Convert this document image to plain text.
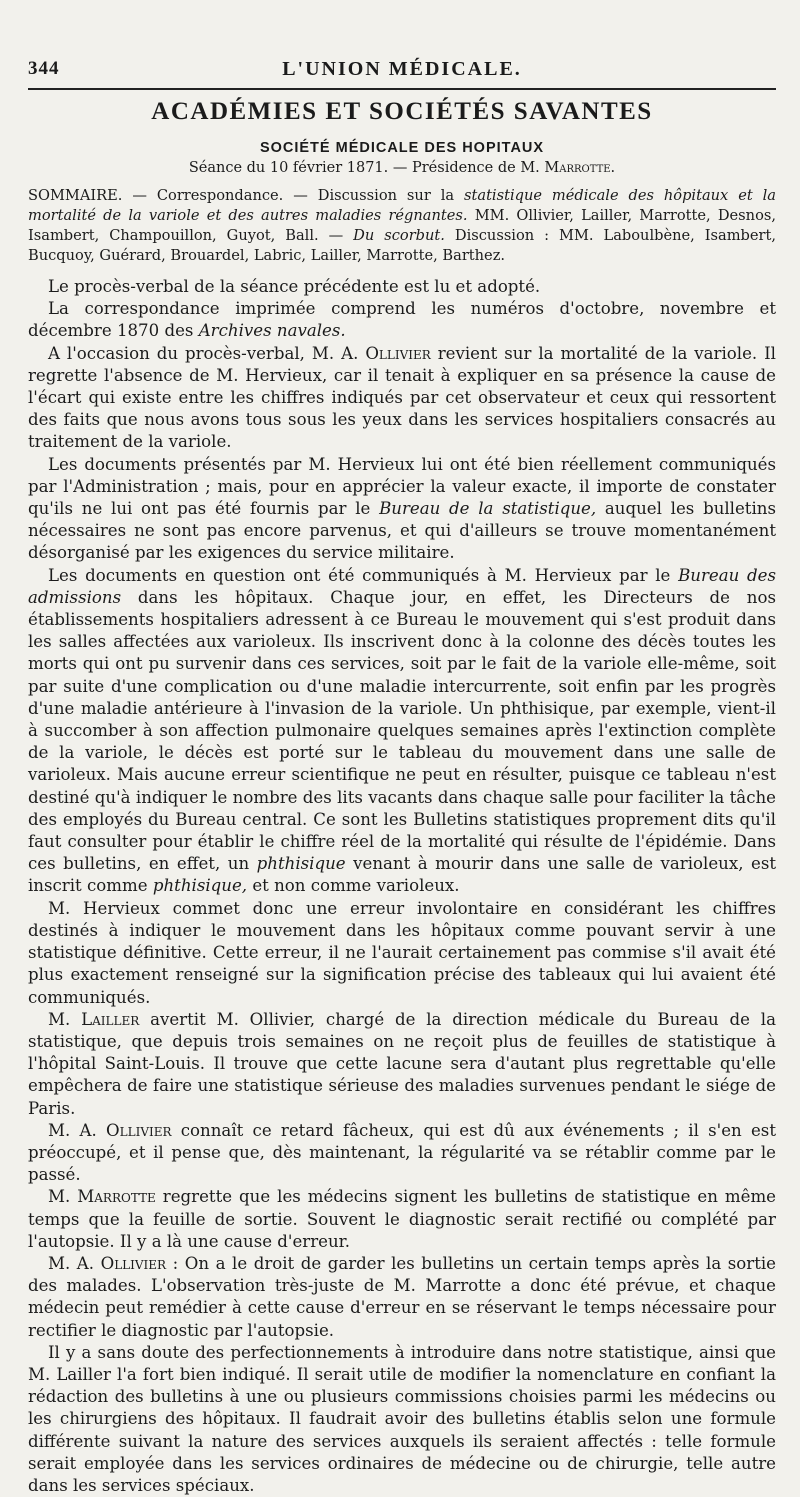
344	L'UNION MÉDICALE.
ACADÉMIES ET SOCIÉTÉS SAVANTES
SOCIÉTÉ MÉDICALE DES HOPITAUX
Séance du 10 février 1871. — Présidence de M. Marrotte.
SOMMAIRE. — Correspondance. — Discussion sur la statistique médicale des hôpitaux et la mortalité de la variole et des autres maladies régnantes. MM. Ollivier, Lailler, Marrotte, Desnos, Isambert, Champouillon, Guyot, Ball. — Du scorbut. Discussion : MM. Laboulbène, Isambert, Bucquoy, Guérard, Brouardel, Labric, Lailler, Marrotte, Barthez.

Le procès-verbal de la séance précédente est lu et adopté.

La correspondance imprimée comprend les numéros d'octobre, novembre et décembre 1870 des Archives navales.

A l'occasion du procès-verbal, M. A. Ollivier revient sur la mortalité de la variole. Il regrette l'absence de M. Hervieux, car il tenait à expliquer en sa présence la cause de l'écart qui existe entre les chiffres indiqués par cet observateur et ceux qui ressortent des faits que nous avons tous sous les yeux dans les services hospitaliers consacrés au traitement de la variole.

Les documents présentés par M. Hervieux lui ont été bien réellement communiqués par l'Administration ; mais, pour en apprécier la valeur exacte, il importe de constater qu'ils ne lui ont pas été fournis par le Bureau de la statistique, auquel les bulletins nécessaires ne sont pas encore parvenus, et qui d'ailleurs se trouve momentanément désorganisé par les exigences du service militaire.

Les documents en question ont été communiqués à M. Hervieux par le Bureau des admissions dans les hôpitaux. Chaque jour, en effet, les Directeurs de nos établissements hospitaliers adressent à ce Bureau le mouvement qui s'est produit dans les salles affectées aux varioleux. Ils inscrivent donc à la colonne des décès toutes les morts qui ont pu survenir dans ces services, soit par le fait de la variole elle-même, soit par suite d'une complication ou d'une maladie intercurrente, soit enfin par les progrès d'une maladie antérieure à l'invasion de la variole. Un phthisique, par exemple, vient-il à succomber à son affection pulmonaire quelques semaines après l'extinction complète de la variole, le décès est porté sur le tableau du mouvement dans une salle de varioleux. Mais aucune erreur scientifique ne peut en résulter, puisque ce tableau n'est destiné qu'à indiquer le nombre des lits vacants dans chaque salle pour faciliter la tâche des employés du Bureau central. Ce sont les Bulletins statistiques proprement dits qu'il faut consulter pour établir le chiffre réel de la mortalité qui résulte de l'épidémie. Dans ces bulletins, en effet, un phthisique venant à mourir dans une salle de varioleux, est inscrit comme phthisique, et non comme varioleux.

M. Hervieux commet donc une erreur involontaire en considérant les chiffres destinés à indiquer le mouvement dans les hôpitaux comme pouvant servir à une statistique définitive. Cette erreur, il ne l'aurait certainement pas commise s'il avait été plus exactement renseigné sur la signification précise des tableaux qui lui avaient été communiqués.

M. Lailler avertit M. Ollivier, chargé de la direction médicale du Bureau de la statistique, que depuis trois semaines on ne reçoit plus de feuilles de statistique à l'hôpital Saint-Louis. Il trouve que cette lacune sera d'autant plus regrettable qu'elle empêchera de faire une statistique sérieuse des maladies survenues pendant le siége de Paris.

M. A. Ollivier connaît ce retard fâcheux, qui est dû aux événements ; il s'en est préoccupé, et il pense que, dès maintenant, la régularité va se rétablir comme par le passé.

M. Marrotte regrette que les médecins signent les bulletins de statistique en même temps que la feuille de sortie. Souvent le diagnostic serait rectifié ou complété par l'autopsie. Il y a là une cause d'erreur.

M. A. Ollivier : On a le droit de garder les bulletins un certain temps après la sortie des malades. L'observation très-juste de M. Marrotte a donc été prévue, et chaque médecin peut remédier à cette cause d'erreur en se réservant le temps nécessaire pour rectifier le diagnostic par l'autopsie.

Il y a sans doute des perfectionnements à introduire dans notre statistique, ainsi que M. Lailler l'a fort bien indiqué. Il serait utile de modifier la nomenclature en confiant la rédaction des bulletins à une ou plusieurs commissions choisies parmi les médecins ou les chirurgiens des hôpitaux. Il faudrait avoir des bulletins établis selon une formule différente suivant la nature des services auxquels ils seraient affectés : telle formule serait employée dans les services ordinaires de médecine ou de chirurgie, telle autre dans les services spéciaux.
